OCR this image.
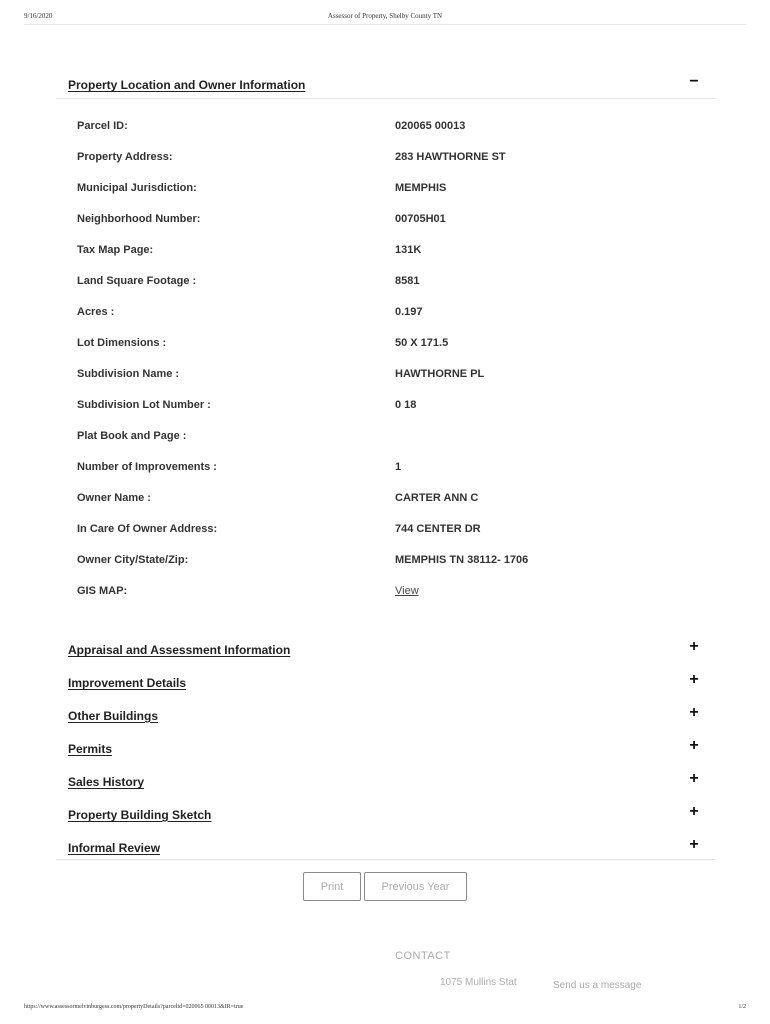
9/16/2020	Assessor of Property, Shelby County TN
Property Location and Owner Information	−
Parcel ID:	020065 00013
Property Address:	283 HAWTHORNE ST
Municipal Jurisdiction:	MEMPHIS
Neighborhood Number:	00705H01
Tax Map Page:	131K
Land Square Footage :	8581
Acres :	0.197
Lot Dimensions :	50 X 171.5
Subdivision Name :	HAWTHORNE PL
Subdivision Lot Number :	0 18
Plat Book and Page :
Number of Improvements :	1
Owner Name :	CARTER ANN C
In Care Of Owner Address:	744 CENTER DR
Owner City/State/Zip:	MEMPHIS TN 38112- 1706
GIS MAP:	View
Appraisal and Assessment Information	+
Improvement Details	+
Other Buildings	+
Permits	+
Sales History	+
Property Building Sketch	+
Informal Review	+
Print	Previous Year
CONTACT
1075 Mullins Stat	Send us a message
https://www.assessormelvinburgess.com/propertyDetails?parcelid=020065 00013&IR=true	1/2
